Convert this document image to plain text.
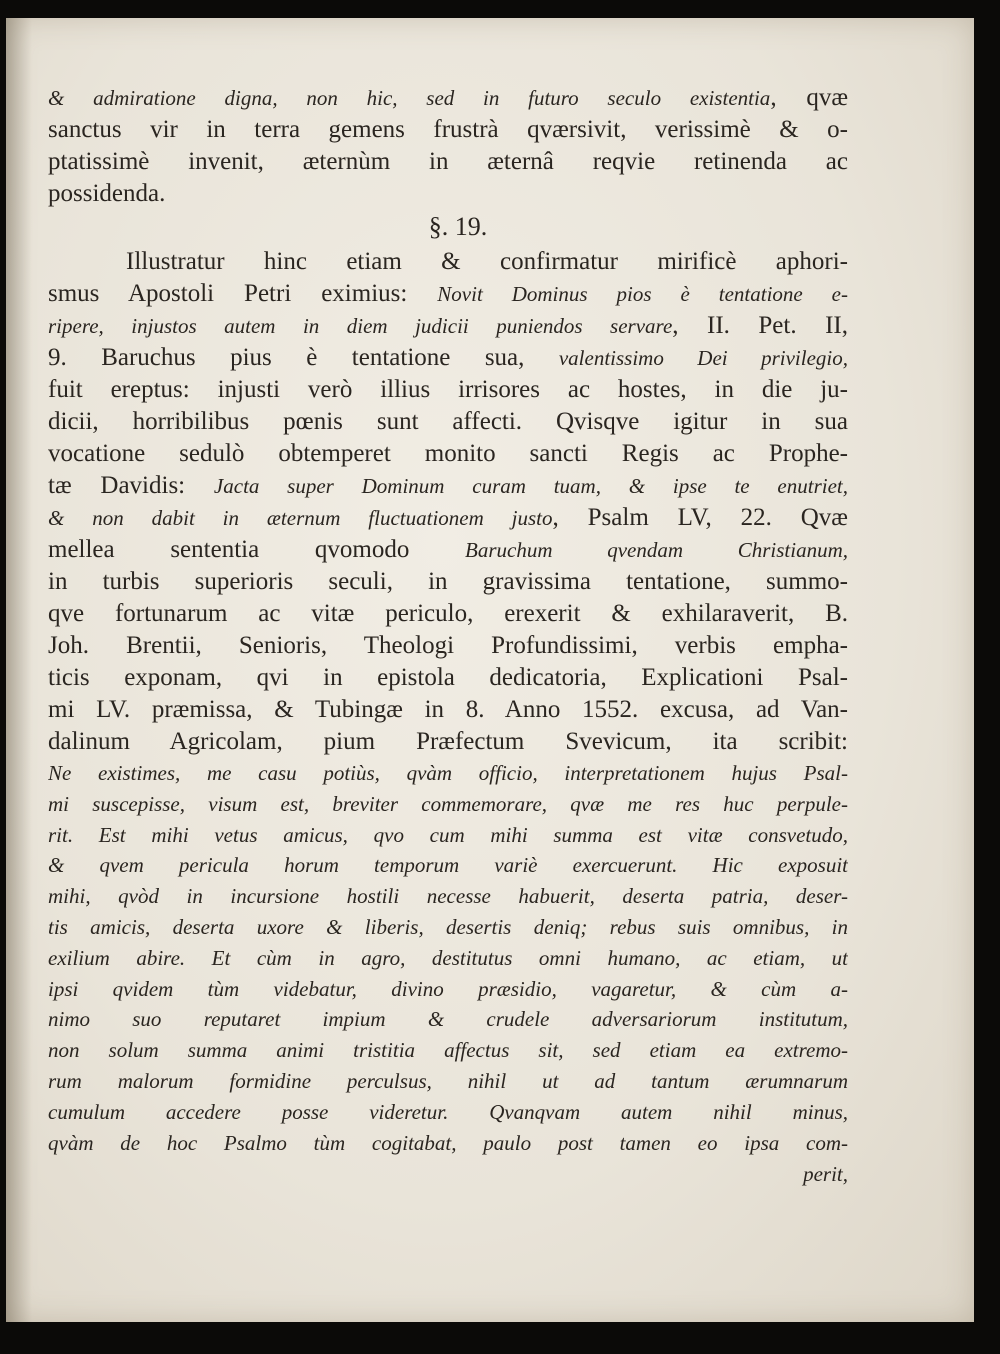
& admiratione digna, non hic, sed in futuro seculo existentia, qvæ
sanctus vir in terra gemens frustrà qværsivit, verissimè & o-
ptatissimè invenit, æternùm in æternâ reqvie retinenda ac
possidenda.
§. 19.
Illustratur hinc etiam & confirmatur mirificè aphori-
smus Apostoli Petri eximius: Novit Dominus pios è tentatione e-
ripere, injustos autem in diem judicii puniendos servare, II. Pet. II,
9. Baruchus pius è tentatione sua, valentissimo Dei privilegio,
fuit ereptus: injusti verò illius irrisores ac hostes, in die ju-
dicii, horribilibus pœnis sunt affecti. Qvisqve igitur in sua
vocatione sedulò obtemperet monito sancti Regis ac Prophe-
tæ Davidis: Jacta super Dominum curam tuam, & ipse te enutriet,
& non dabit in æternum fluctuationem justo, Psalm LV, 22. Qvæ
mellea sententia qvomodo Baruchum qvendam Christianum,
in turbis superioris seculi, in gravissima tentatione, summo-
qve fortunarum ac vitæ periculo, erexerit & exhilaraverit, B.
Joh. Brentii, Senioris, Theologi Profundissimi, verbis empha-
ticis exponam, qvi in epistola dedicatoria, Explicationi Psal-
mi LV. præmissa, & Tubingæ in 8. Anno 1552. excusa, ad Van-
dalinum Agricolam, pium Præfectum Svevicum, ita scribit:
Ne existimes, me casu potiùs, qvàm officio, interpretationem hujus Psal-
mi suscepisse, visum est, breviter commemorare, qvæ me res huc perpule-
rit. Est mihi vetus amicus, qvo cum mihi summa est vitæ consvetudo,
& qvem pericula horum temporum variè exercuerunt. Hic exposuit
mihi, qvòd in incursione hostili necesse habuerit, deserta patria, deser-
tis amicis, deserta uxore & liberis, desertis deniq; rebus suis omnibus, in
exilium abire. Et cùm in agro, destitutus omni humano, ac etiam, ut
ipsi qvidem tùm videbatur, divino præsidio, vagaretur, & cùm a-
nimo suo reputaret impium & crudele adversariorum institutum,
non solum summa animi tristitia affectus sit, sed etiam ea extremo-
rum malorum formidine perculsus, nihil ut ad tantum ærumnarum
cumulum accedere posse videretur. Qvanqvam autem nihil minus,
qvàm de hoc Psalmo tùm cogitabat, paulo post tamen eo ipsa com-
perit,
